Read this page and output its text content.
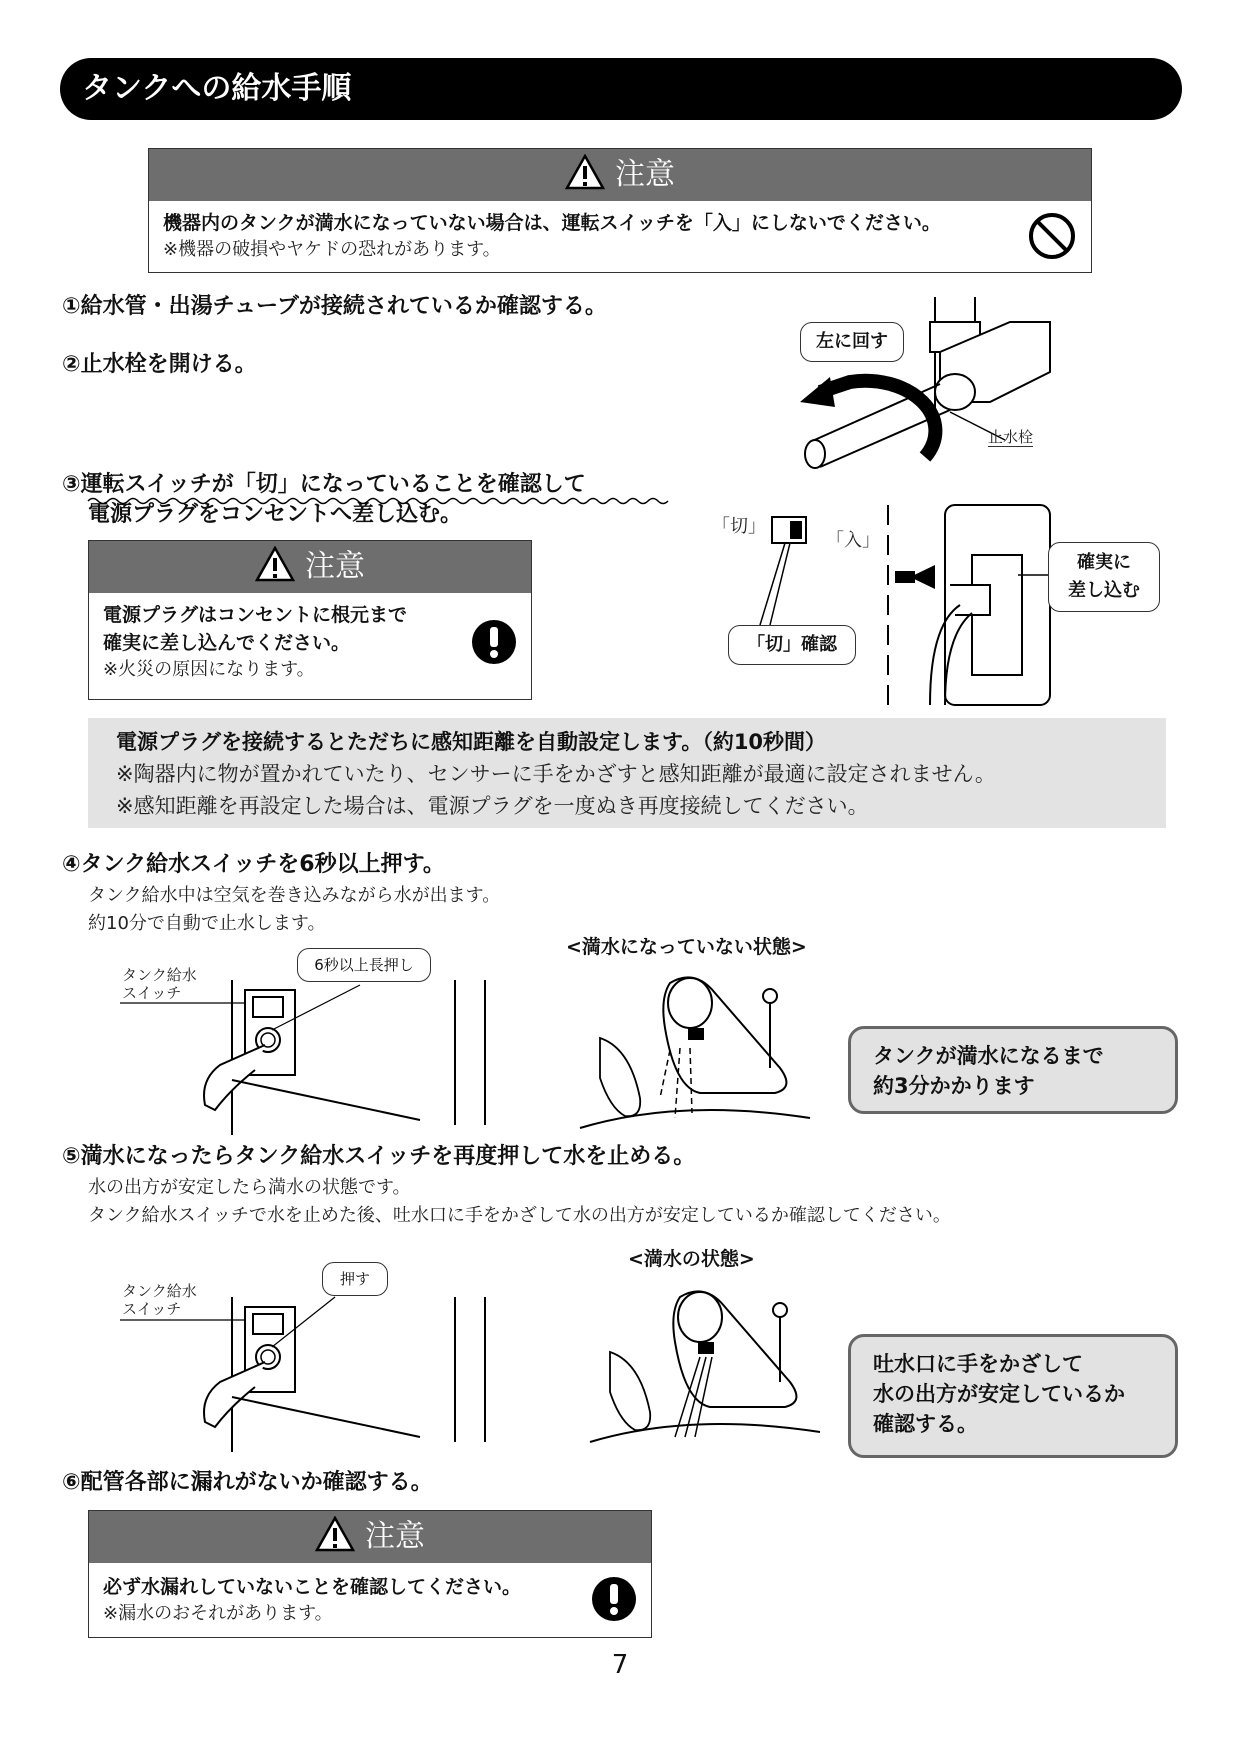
タンクへの給水手順
注意
機器内のタンクが満水になっていない場合は、運転スイッチを「入」にしないでください。
※機器の破損やヤケドの恐れがあります。
①給水管・出湯チューブが接続されているか確認する。
②止水栓を開ける。
左に回す
止水栓
③運転スイッチが「切」になっていることを確認して
電源プラグをコンセントへ差し込む。
注意
電源プラグはコンセントに根元まで
確実に差し込んでください。
※火災の原因になります。
「切」
「入」
「切」確認
確実に
差し込む
電源プラグを接続するとただちに感知距離を自動設定します。（約10秒間）
※陶器内に物が置かれていたり、センサーに手をかざすと感知距離が最適に設定されません。
※感知距離を再設定した場合は、電源プラグを一度ぬき再度接続してください。
④タンク給水スイッチを6秒以上押す。
タンク給水中は空気を巻き込みながら水が出ます。
約10分で自動で止水します。
タンク給水
スイッチ
6秒以上長押し
<満水になっていない状態>
タンクが満水になるまで
約3分かかります
⑤満水になったらタンク給水スイッチを再度押して水を止める。
水の出方が安定したら満水の状態です。
タンク給水スイッチで水を止めた後、吐水口に手をかざして水の出方が安定しているか確認してください。
タンク給水
スイッチ
押す
<満水の状態>
吐水口に手をかざして
水の出方が安定しているか
確認する。
⑥配管各部に漏れがないか確認する。
注意
必ず水漏れしていないことを確認してください。
※漏水のおそれがあります。
7
